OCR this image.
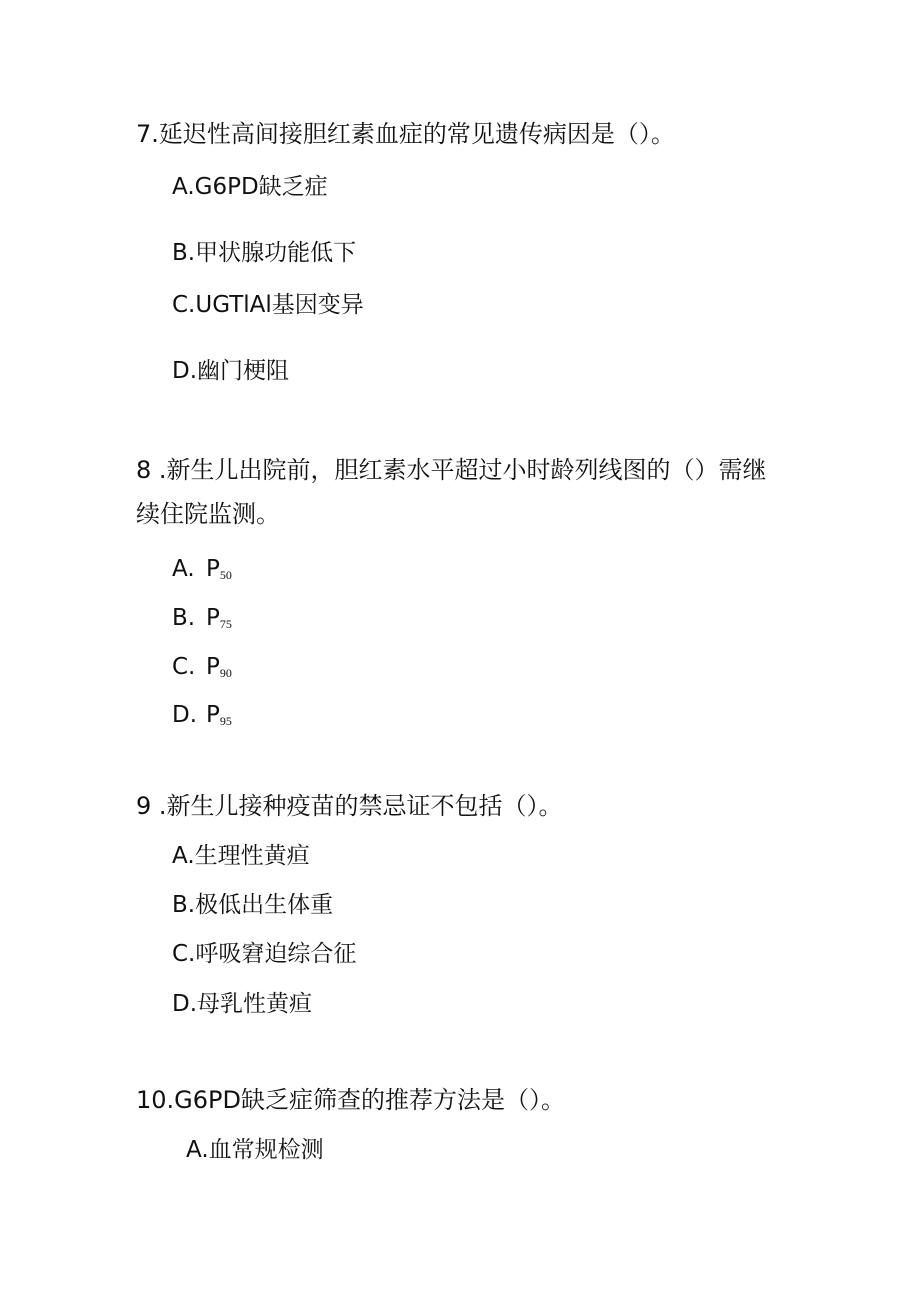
7.延迟性高间接胆红素血症的常见遗传病因是（）。
A.G6PD缺乏症
B.甲状腺功能低下
C.UGTlAl基因变异
D.幽门梗阻
8 .新生儿出院前，胆红素水平超过小时龄列线图的（）需继续住院监测。
A. $P_{50}$
B. $P_{75}$
C. $P_{90}$
D. $P_{95}$
9 .新生儿接种疫苗的禁忌证不包括（）。
A.生理性黄疸
B.极低出生体重
C.呼吸窘迫综合征
D.母乳性黄疸
10.G6PD缺乏症筛查的推荐方法是（）。
A.血常规检测
